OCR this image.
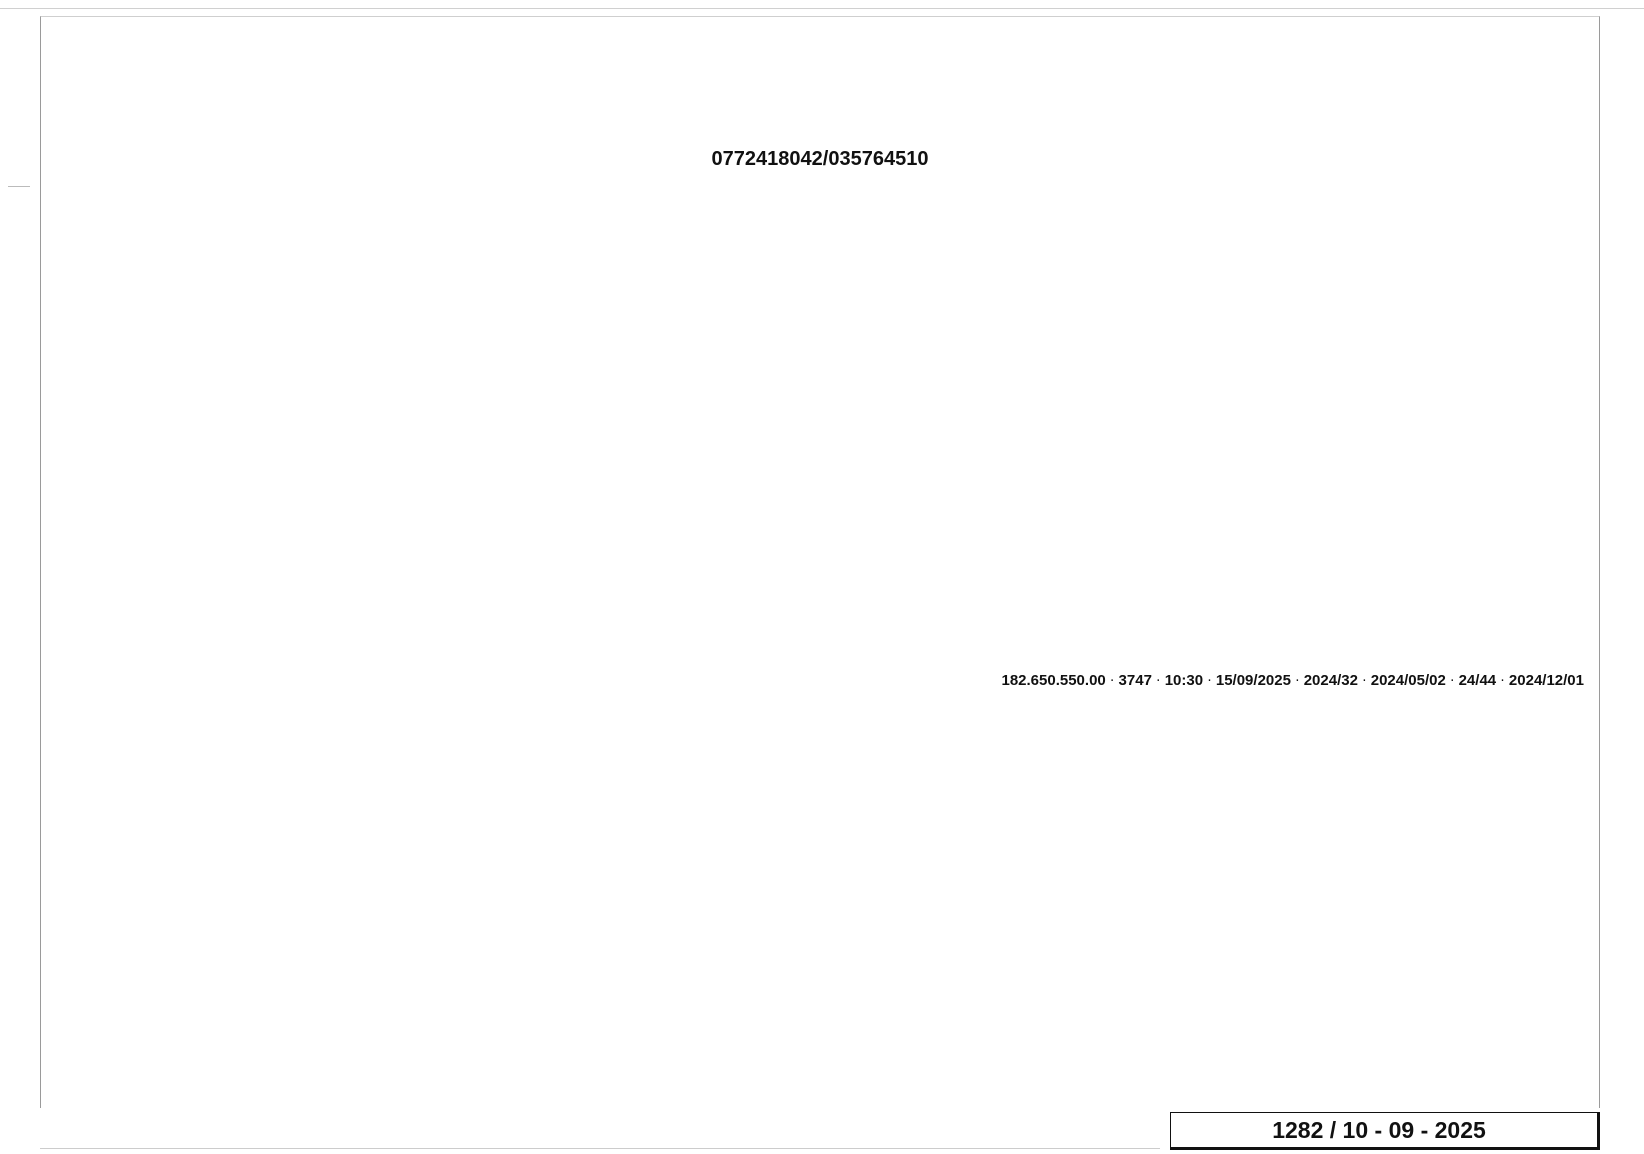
0772418042/035764510
2024/12/01 · 24/44 · 2024/05/02 · 2024/32 · 15/09/2025 · 10:30 · 3747 · 182.650.550.00
2025 - 09 - 10 / 1282
